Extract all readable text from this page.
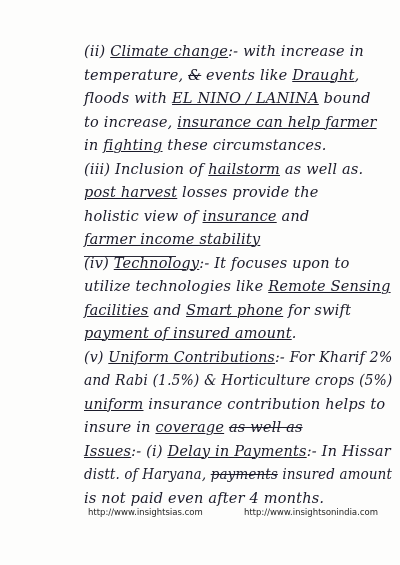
(ii) Climate change:- with increase in
temperature, & events like Draught,
floods with EL NINO / LANINA bound
to increase, insurance can help farmer
in fighting these circumstances.
(iii) Inclusion of hailstorm as well as.
post harvest losses provide the
holistic view of insurance and
farmer income stability
(iv) Technology:- It focuses upon to
utilize technologies like Remote Sensing
facilities and Smart phone for swift
payment of insured amount.
(v) Uniform Contributions:- For Kharif 2%
and Rabi (1.5%) & Horticulture crops (5%)
uniform insurance contribution helps to
insure in coverage as well as
Issues:- (i) Delay in Payments:- In Hissar
distt. of Haryana, payments insured amount
is not paid even after 4 months.
http://www.insightsias.com	http://www.insightsonindia.com
